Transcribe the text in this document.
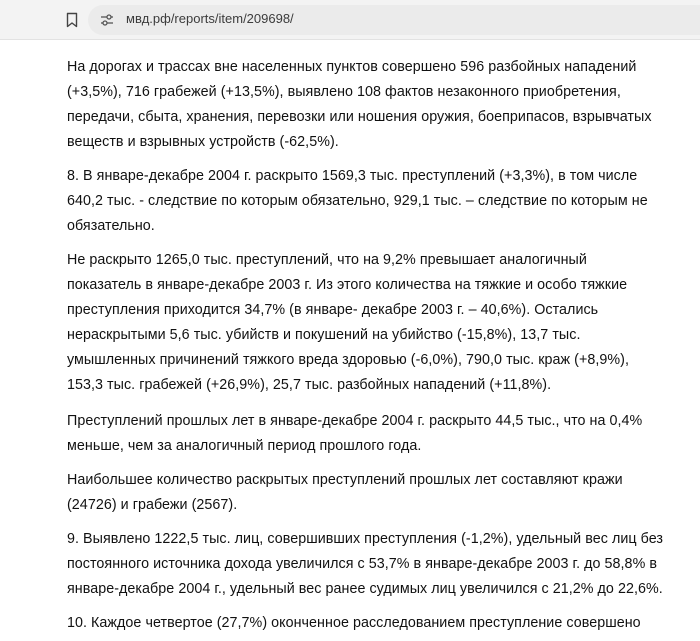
мвд.рф/reports/item/209698/

На дорогах и трассах вне населенных пунктов совершено 596 разбойных нападений (+3,5%), 716 грабежей (+13,5%), выявлено 108 фактов незаконного приобретения, передачи, сбыта, хранения, перевозки или ношения оружия, боеприпасов, взрывчатых веществ и взрывных устройств (-62,5%).

8. В январе-декабре 2004 г. раскрыто 1569,3 тыс. преступлений (+3,3%), в том числе 640,2 тыс. - следствие по которым обязательно, 929,1 тыс. – следствие по которым не обязательно.

Не раскрыто 1265,0 тыс. преступлений, что на 9,2% превышает аналогичный показатель в январе-декабре 2003 г. Из этого количества на тяжкие и особо тяжкие преступления приходится 34,7% (в январе- декабре 2003 г. – 40,6%). Остались нераскрытыми 5,6 тыс. убийств и покушений на убийство (-15,8%), 13,7 тыс. умышленных причинений тяжкого вреда здоровью (-6,0%), 790,0 тыс. краж (+8,9%), 153,3 тыс. грабежей (+26,9%), 25,7 тыс. разбойных нападений (+11,8%).

Преступлений прошлых лет в январе-декабре 2004 г. раскрыто 44,5 тыс., что на 0,4% меньше, чем за аналогичный период прошлого года.

Наибольшее количество раскрытых преступлений прошлых лет составляют кражи (24726) и грабежи (2567).

9. Выявлено 1222,5 тыс. лиц, совершивших преступления (-1,2%), удельный вес лиц без постоянного источника дохода увеличился с 53,7% в январе-декабре 2003 г. до 58,8% в январе-декабре 2004 г., удельный вес ранее судимых лиц увеличился с 21,2% до 22,6%.

10. Каждое четвертое (27,7%) оконченное расследованием преступление совершено
